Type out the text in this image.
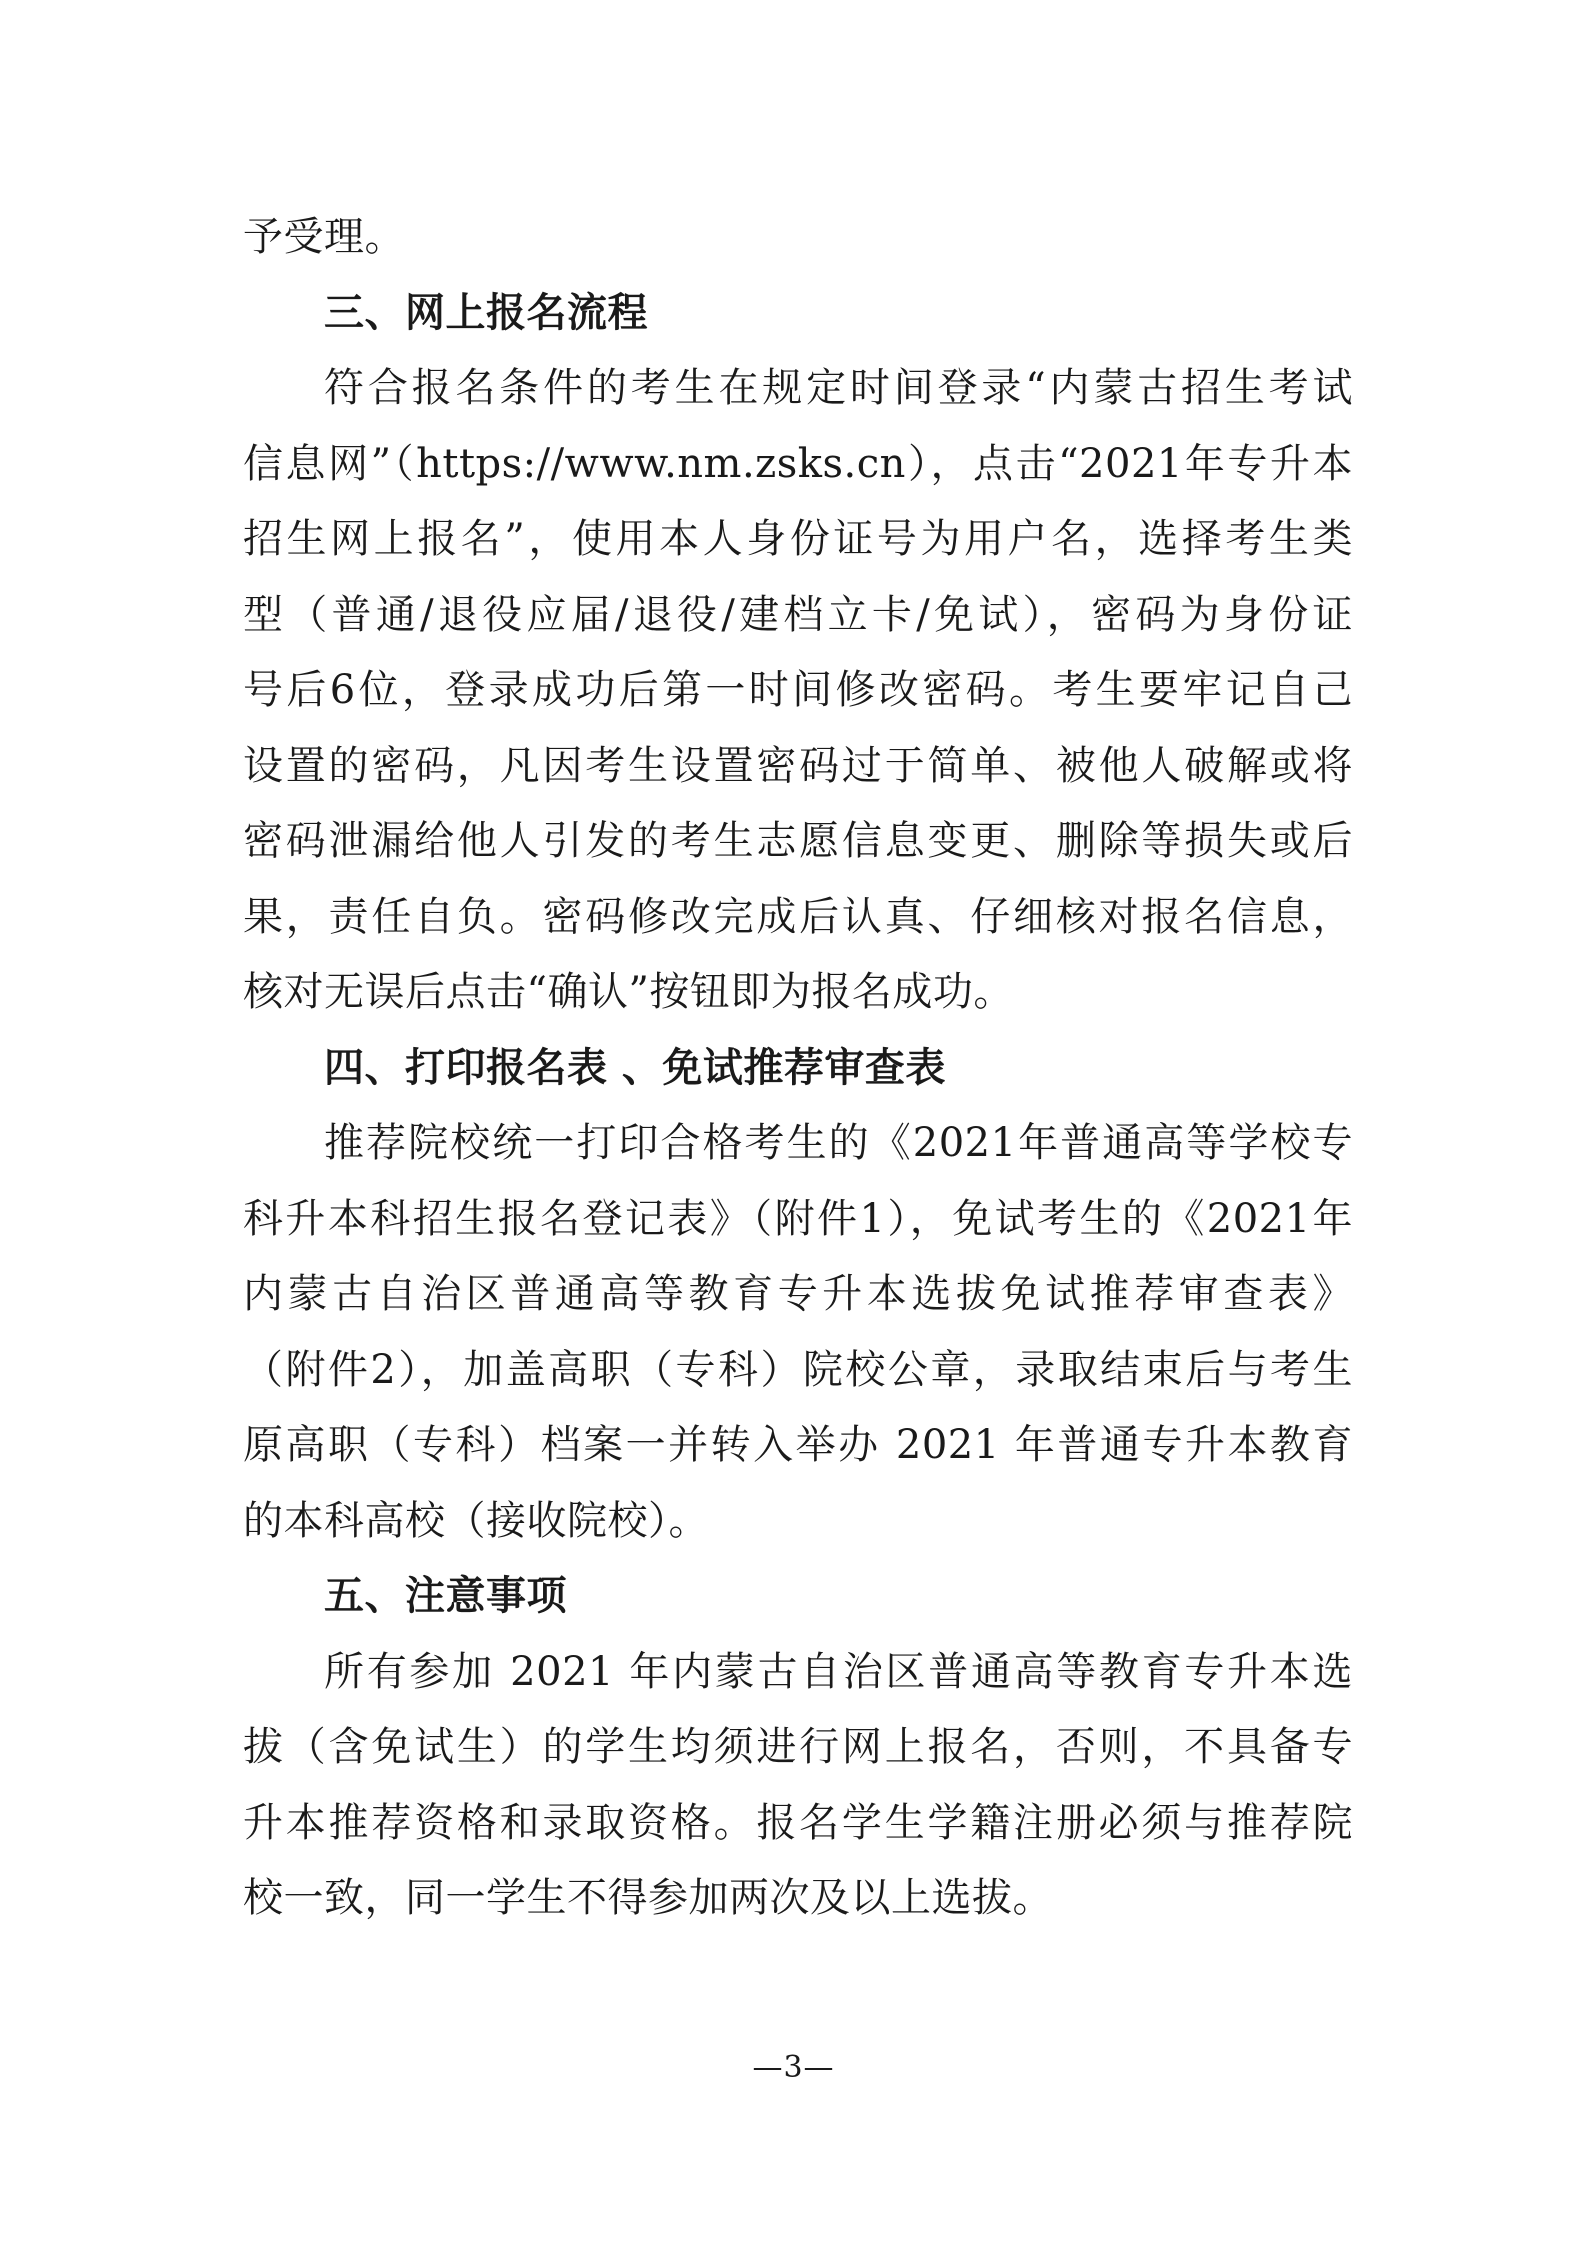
予受理。
三、网上报名流程
符合报名条件的考生在规定时间登录“内蒙古招生考试
信息网”（https://www.nm.zsks.cn），点击“2021年专升本
招生网上报名”，使用本人身份证号为用户名，选择考生类
型（普通/退役应届/退役/建档立卡/免试），密码为身份证
号后6位，登录成功后第一时间修改密码。考生要牢记自己
设置的密码，凡因考生设置密码过于简单、被他人破解或将
密码泄漏给他人引发的考生志愿信息变更、删除等损失或后
果，责任自负。密码修改完成后认真、仔细核对报名信息，
核对无误后点击“确认”按钮即为报名成功。
四、打印报名表 、免试推荐审查表
推荐院校统一打印合格考生的《2021年普通高等学校专
科升本科招生报名登记表》（附件1），免试考生的《2021年
内蒙古自治区普通高等教育专升本选拔免试推荐审查表》
（附件2），加盖高职（专科）院校公章，录取结束后与考生
原高职（专科）档案一并转入举办 2021 年普通专升本教育
的本科高校（接收院校）。
五、注意事项
所有参加 2021 年内蒙古自治区普通高等教育专升本选
拔（含免试生）的学生均须进行网上报名，否则，不具备专
升本推荐资格和录取资格。报名学生学籍注册必须与推荐院
校一致，同一学生不得参加两次及以上选拔。
—3—
